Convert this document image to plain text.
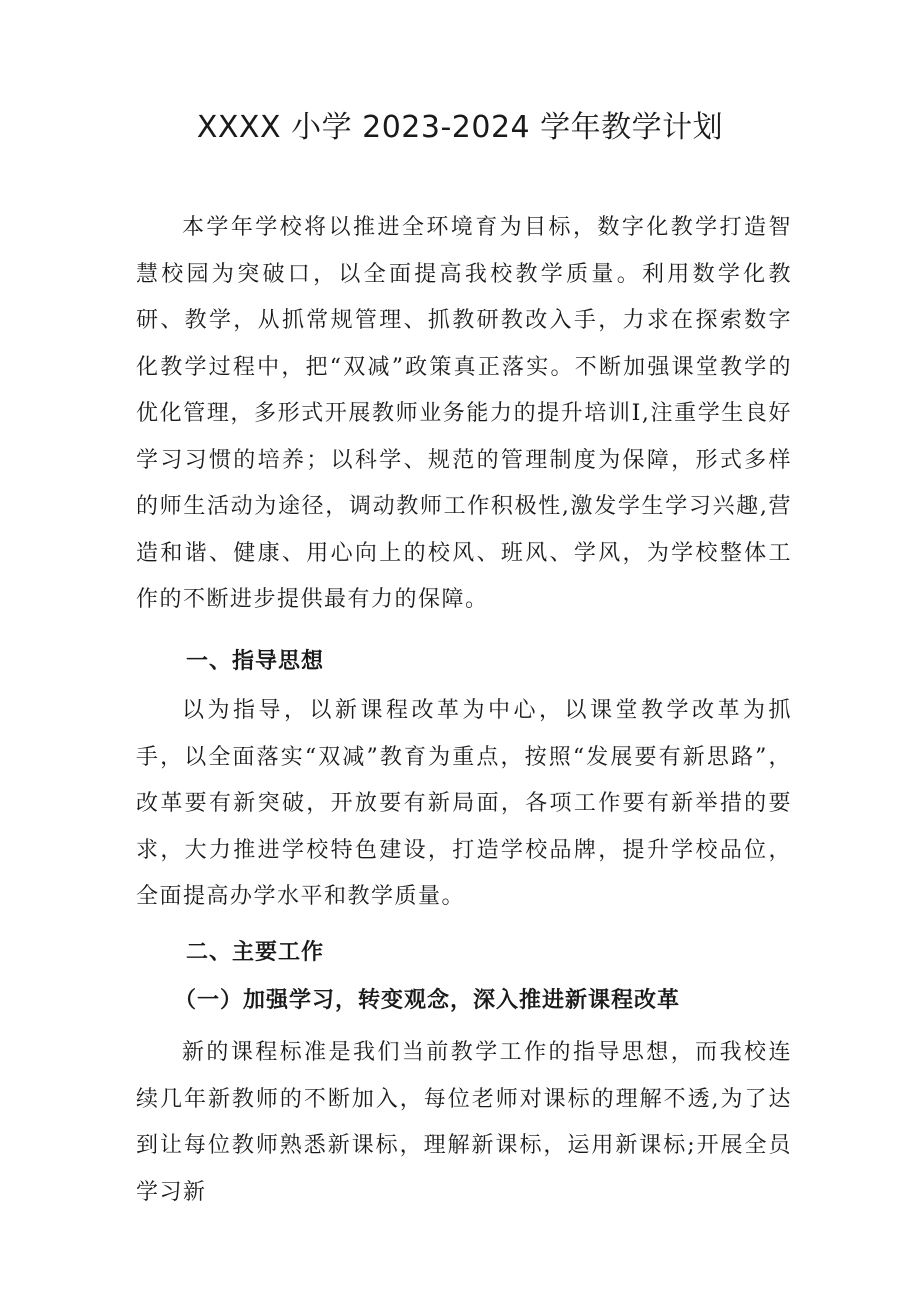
XXXX 小学 2023-2024 学年教学计划

本学年学校将以推进全环境育为目标，数字化教学打造智慧校园为突破口，以全面提高我校教学质量。利用数学化教研、教学，从抓常规管理、抓教研教改入手，力求在探索数字化教学过程中，把“双减”政策真正落实。不断加强课堂教学的优化管理，多形式开展教师业务能力的提升培训Ⅰ,注重学生良好学习习惯的培养；以科学、规范的管理制度为保障，形式多样的师生活动为途径，调动教师工作积极性,激发学生学习兴趣,营造和谐、健康、用心向上的校风、班风、学风，为学校整体工作的不断进步提供最有力的保障。

一、指导思想

以为指导，以新课程改革为中心，以课堂教学改革为抓手，以全面落实“双减”教育为重点，按照“发展要有新思路”，改革要有新突破，开放要有新局面，各项工作要有新举措的要求，大力推进学校特色建设，打造学校品牌，提升学校品位，全面提高办学水平和教学质量。

二、主要工作
（一）加强学习，转变观念，深入推进新课程改革

新的课程标准是我们当前教学工作的指导思想，而我校连续几年新教师的不断加入，每位老师对课标的理解不透,为了达到让每位教师熟悉新课标，理解新课标，运用新课标;开展全员学习新
